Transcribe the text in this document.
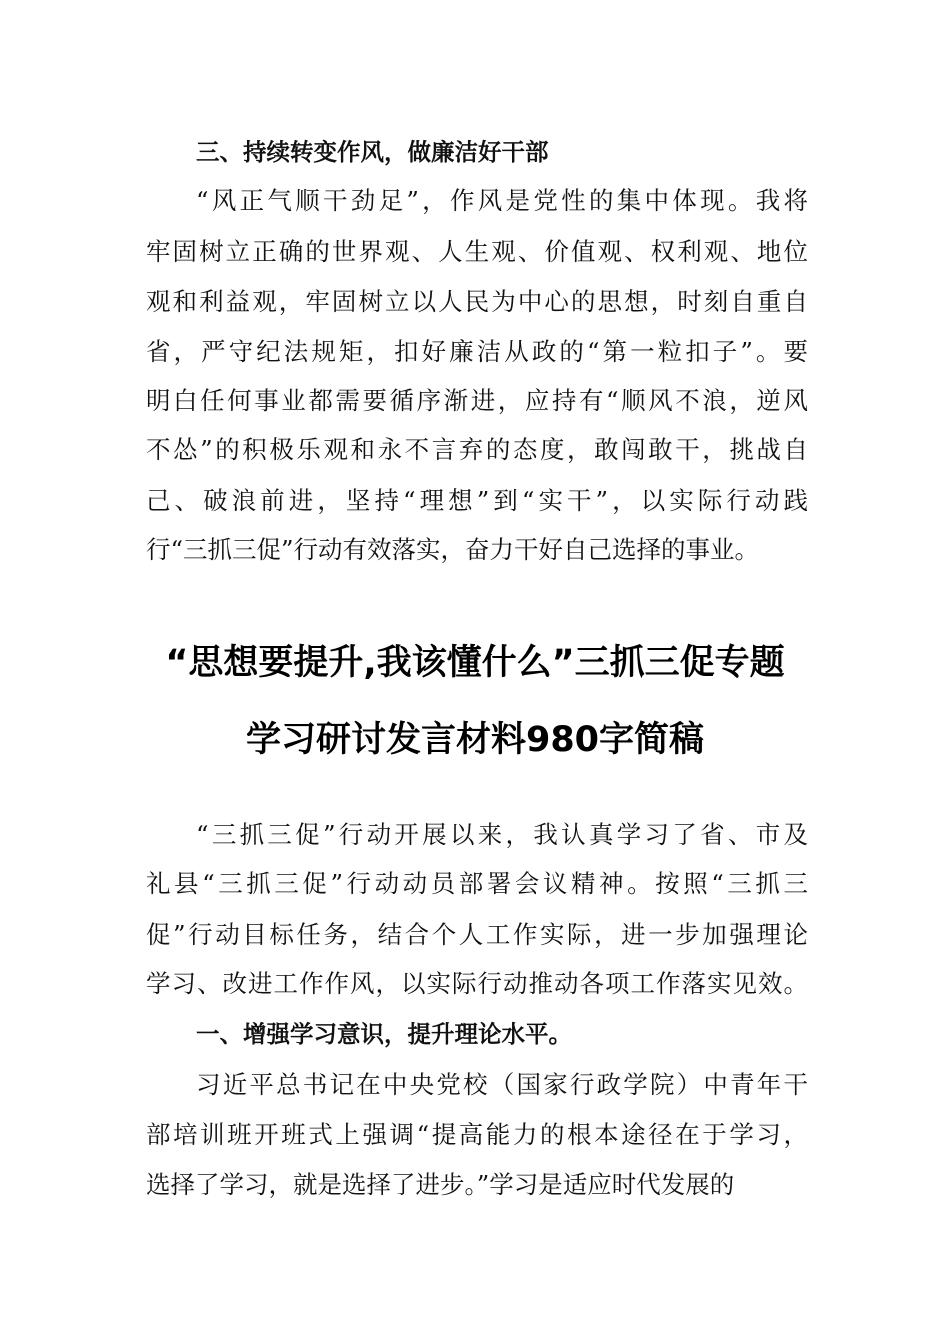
三、持续转变作风，做廉洁好干部
“风正气顺干劲足”，作风是党性的集中体现。我将
牢固树立正确的世界观、人生观、价值观、权利观、地位
观和利益观，牢固树立以人民为中心的思想，时刻自重自
省，严守纪法规矩，扣好廉洁从政的“第一粒扣子”。要
明白任何事业都需要循序渐进，应持有“顺风不浪，逆风
不怂”的积极乐观和永不言弃的态度，敢闯敢干，挑战自
己、破浪前进，坚持“理想”到“实干”，以实际行动践
行“三抓三促”行动有效落实，奋力干好自己选择的事业。
“思想要提升,我该懂什么”三抓三促专题
学习研讨发言材料980字简稿
“三抓三促”行动开展以来，我认真学习了省、市及
礼县“三抓三促”行动动员部署会议精神。按照“三抓三
促”行动目标任务，结合个人工作实际，进一步加强理论
学习、改进工作作风，以实际行动推动各项工作落实见效。
一、增强学习意识，提升理论水平。
习近平总书记在中央党校（国家行政学院）中青年干
部培训班开班式上强调“提高能力的根本途径在于学习，
选择了学习，就是选择了进步。”学习是适应时代发展的
